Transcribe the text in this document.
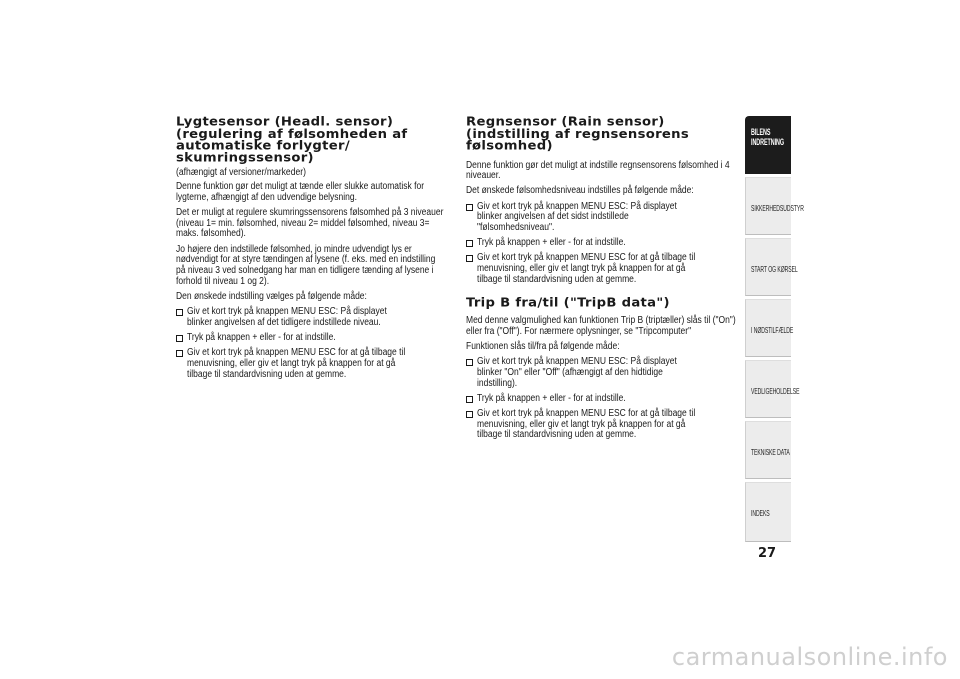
Lygtesensor (Headl. sensor) (regulering af følsomheden af automatiske forlygter/ skumringssensor)
(afhængigt af versioner/markeder)

Denne funktion gør det muligt at tænde eller slukke automatisk for lygterne, afhængigt af den udvendige belysning.

Det er muligt at regulere skumringssensorens følsomhed på 3 niveauer (niveau 1= min. følsomhed, niveau 2= middel følsomhed, niveau 3= maks. følsomhed).

Jo højere den indstillede følsomhed, jo mindre udvendigt lys er nødvendigt for at styre tændingen af lysene (f. eks. med en indstilling på niveau 3 ved solnedgang har man en tidligere tænding af lysene i forhold til niveau 1 og 2).

Den ønskede indstilling vælges på følgende måde:

Giv et kort tryk på knappen MENU ESC: På displayet blinker angivelsen af det tidligere indstillede niveau.
Tryk på knappen + eller - for at indstille.
Giv et kort tryk på knappen MENU ESC for at gå tilbage til menuvisning, eller giv et langt tryk på knappen for at gå tilbage til standardvisning uden at gemme.
Regnsensor (Rain sensor) (indstilling af regnsensorens følsomhed)

Denne funktion gør det muligt at indstille regnsensorens følsomhed i 4 niveauer.

Det ønskede følsomhedsniveau indstilles på følgende måde:

Giv et kort tryk på knappen MENU ESC: På displayet blinker angivelsen af det sidst indstillede "følsomhedsniveau".
Tryk på knappen + eller - for at indstille.
Giv et kort tryk på knappen MENU ESC for at gå tilbage til menuvisning, eller giv et langt tryk på knappen for at gå tilbage til standardvisning uden at gemme.
Trip B fra/til ("TripB data")

Med denne valgmulighed kan funktionen Trip B (triptæller) slås til ("On") eller fra ("Off"). For nærmere oplysninger, se "Tripcomputer"

Funktionen slås til/fra på følgende måde:

Giv et kort tryk på knappen MENU ESC: På displayet blinker "On" eller "Off" (afhængigt af den hidtidige indstilling).
Tryk på knappen + eller - for at indstille.
Giv et kort tryk på knappen MENU ESC for at gå tilbage til menuvisning, eller giv et langt tryk på knappen for at gå tilbage til standardvisning uden at gemme.
BILENS INDRETNING
SIKKERHEDSUDSTYR
START OG KØRSEL
I NØDSTILFÆLDE
VEDLIGEHOLDELSE
TEKNISKE DATA
INDEKS
27
carmanualsonline.info
